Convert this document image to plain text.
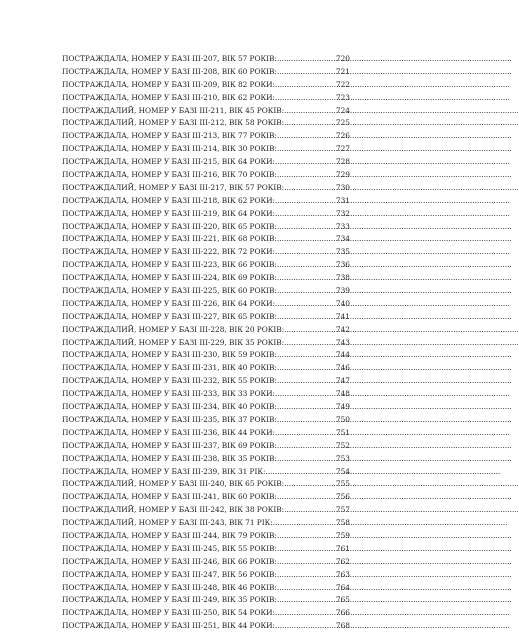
ПОСТРАЖДАЛА, НОМЕР У БАЗІ ІІІ-207, ВІК 57 РОКІВ: .....	720
ПОСТРАЖДАЛА, НОМЕР У БАЗІ ІІІ-208, ВІК 60 РОКІВ: .....	721
ПОСТРАЖДАЛА, НОМЕР У БАЗІ ІІІ-209, ВІК 82 РОКИ: .....	722
ПОСТРАЖДАЛА, НОМЕР У БАЗІ ІІІ-210, ВІК 62 РОКИ: .....	723
ПОСТРАЖДАЛИЙ, НОМЕР У БАЗІ ІІІ-211, ВІК 45 РОКІВ: .....	724
ПОСТРАЖДАЛИЙ, НОМЕР У БАЗІ ІІІ-212, ВІК 58 РОКІВ: .....	725
ПОСТРАЖДАЛА, НОМЕР У БАЗІ ІІІ-213, ВІК 77 РОКІВ: .....	726
ПОСТРАЖДАЛА, НОМЕР У БАЗІ ІІІ-214, ВІК 30 РОКІВ: .....	727
ПОСТРАЖДАЛА, НОМЕР У БАЗІ ІІІ-215, ВІК 64 РОКИ: .....	728
ПОСТРАЖДАЛА, НОМЕР У БАЗІ ІІІ-216, ВІК 70 РОКІВ: .....	729
ПОСТРАЖДАЛИЙ, НОМЕР У БАЗІ ІІІ-217, ВІК 57 РОКІВ: .....	730
ПОСТРАЖДАЛА, НОМЕР У БАЗІ ІІІ-218, ВІК 62 РОКИ: .....	731
ПОСТРАЖДАЛА, НОМЕР У БАЗІ ІІІ-219, ВІК 64 РОКИ: .....	732
ПОСТРАЖДАЛА, НОМЕР У БАЗІ ІІІ-220, ВІК 65 РОКІВ: .....	733
ПОСТРАЖДАЛА, НОМЕР У БАЗІ ІІІ-221, ВІК 68 РОКІВ: .....	734
ПОСТРАЖДАЛА, НОМЕР У БАЗІ ІІІ-222, ВІК 72 РОКИ: .....	735
ПОСТРАЖДАЛА, НОМЕР У БАЗІ ІІІ-223, ВІК 66 РОКІВ: .....	736
ПОСТРАЖДАЛА, НОМЕР У БАЗІ ІІІ-224, ВІК 69 РОКІВ: .....	738
ПОСТРАЖДАЛА, НОМЕР У БАЗІ ІІІ-225, ВІК 60 РОКІВ: .....	739
ПОСТРАЖДАЛА, НОМЕР У БАЗІ ІІІ-226, ВІК 64 РОКИ: .....	740
ПОСТРАЖДАЛА, НОМЕР У БАЗІ ІІІ-227, ВІК 65 РОКІВ: .....	741
ПОСТРАЖДАЛИЙ, НОМЕР У БАЗІ ІІІ-228, ВІК 20 РОКІВ: .....	742
ПОСТРАЖДАЛИЙ, НОМЕР У БАЗІ ІІІ-229, ВІК 35 РОКІВ: .....	743
ПОСТРАЖДАЛА, НОМЕР У БАЗІ ІІІ-230, ВІК 59 РОКІВ: .....	744
ПОСТРАЖДАЛА, НОМЕР У БАЗІ ІІІ-231, ВІК 40 РОКІВ: .....	746
ПОСТРАЖДАЛА, НОМЕР У БАЗІ ІІІ-232, ВІК 55 РОКІВ: .....	747
ПОСТРАЖДАЛА, НОМЕР У БАЗІ ІІІ-233, ВІК 33 РОКИ: .....	748
ПОСТРАЖДАЛА, НОМЕР У БАЗІ ІІІ-234, ВІК 40 РОКІВ: .....	749
ПОСТРАЖДАЛА, НОМЕР У БАЗІ ІІІ-235, ВІК 37 РОКІВ: .....	750
ПОСТРАЖДАЛА, НОМЕР У БАЗІ ІІІ-236, ВІК 44 РОКИ: .....	751
ПОСТРАЖДАЛА, НОМЕР У БАЗІ ІІІ-237, ВІК 69 РОКІВ: .....	752
ПОСТРАЖДАЛА, НОМЕР У БАЗІ ІІІ-238, ВІК 35 РОКІВ: .....	753
ПОСТРАЖДАЛА, НОМЕР У БАЗІ ІІІ-239, ВІК 31 РІК: .....	754
ПОСТРАЖДАЛИЙ, НОМЕР У БАЗІ ІІІ-240, ВІК 65 РОКІВ: .....	755
ПОСТРАЖДАЛА, НОМЕР У БАЗІ ІІІ-241, ВІК 60 РОКІВ: .....	756
ПОСТРАЖДАЛИЙ, НОМЕР У БАЗІ ІІІ-242, ВІК 38 РОКІВ: .....	757
ПОСТРАЖДАЛИЙ, НОМЕР У БАЗІ ІІІ-243, ВІК 71 РІК: .....	758
ПОСТРАЖДАЛА, НОМЕР У БАЗІ ІІІ-244, ВІК 79 РОКІВ: .....	759
ПОСТРАЖДАЛА, НОМЕР У БАЗІ ІІІ-245, ВІК 55 РОКІВ: .....	761
ПОСТРАЖДАЛА, НОМЕР У БАЗІ ІІІ-246, ВІК 66 РОКІВ: .....	762
ПОСТРАЖДАЛА, НОМЕР У БАЗІ ІІІ-247, ВІК 56 РОКІВ: .....	763
ПОСТРАЖДАЛА, НОМЕР У БАЗІ ІІІ-248, ВІК 46 РОКІВ: .....	764
ПОСТРАЖДАЛА, НОМЕР У БАЗІ ІІІ-249, ВІК 35 РОКІВ: .....	765
ПОСТРАЖДАЛА, НОМЕР У БАЗІ ІІІ-250, ВІК 54 РОКИ: .....	766
ПОСТРАЖДАЛА, НОМЕР У БАЗІ ІІІ-251, ВІК 44 РОКИ: .....	768
